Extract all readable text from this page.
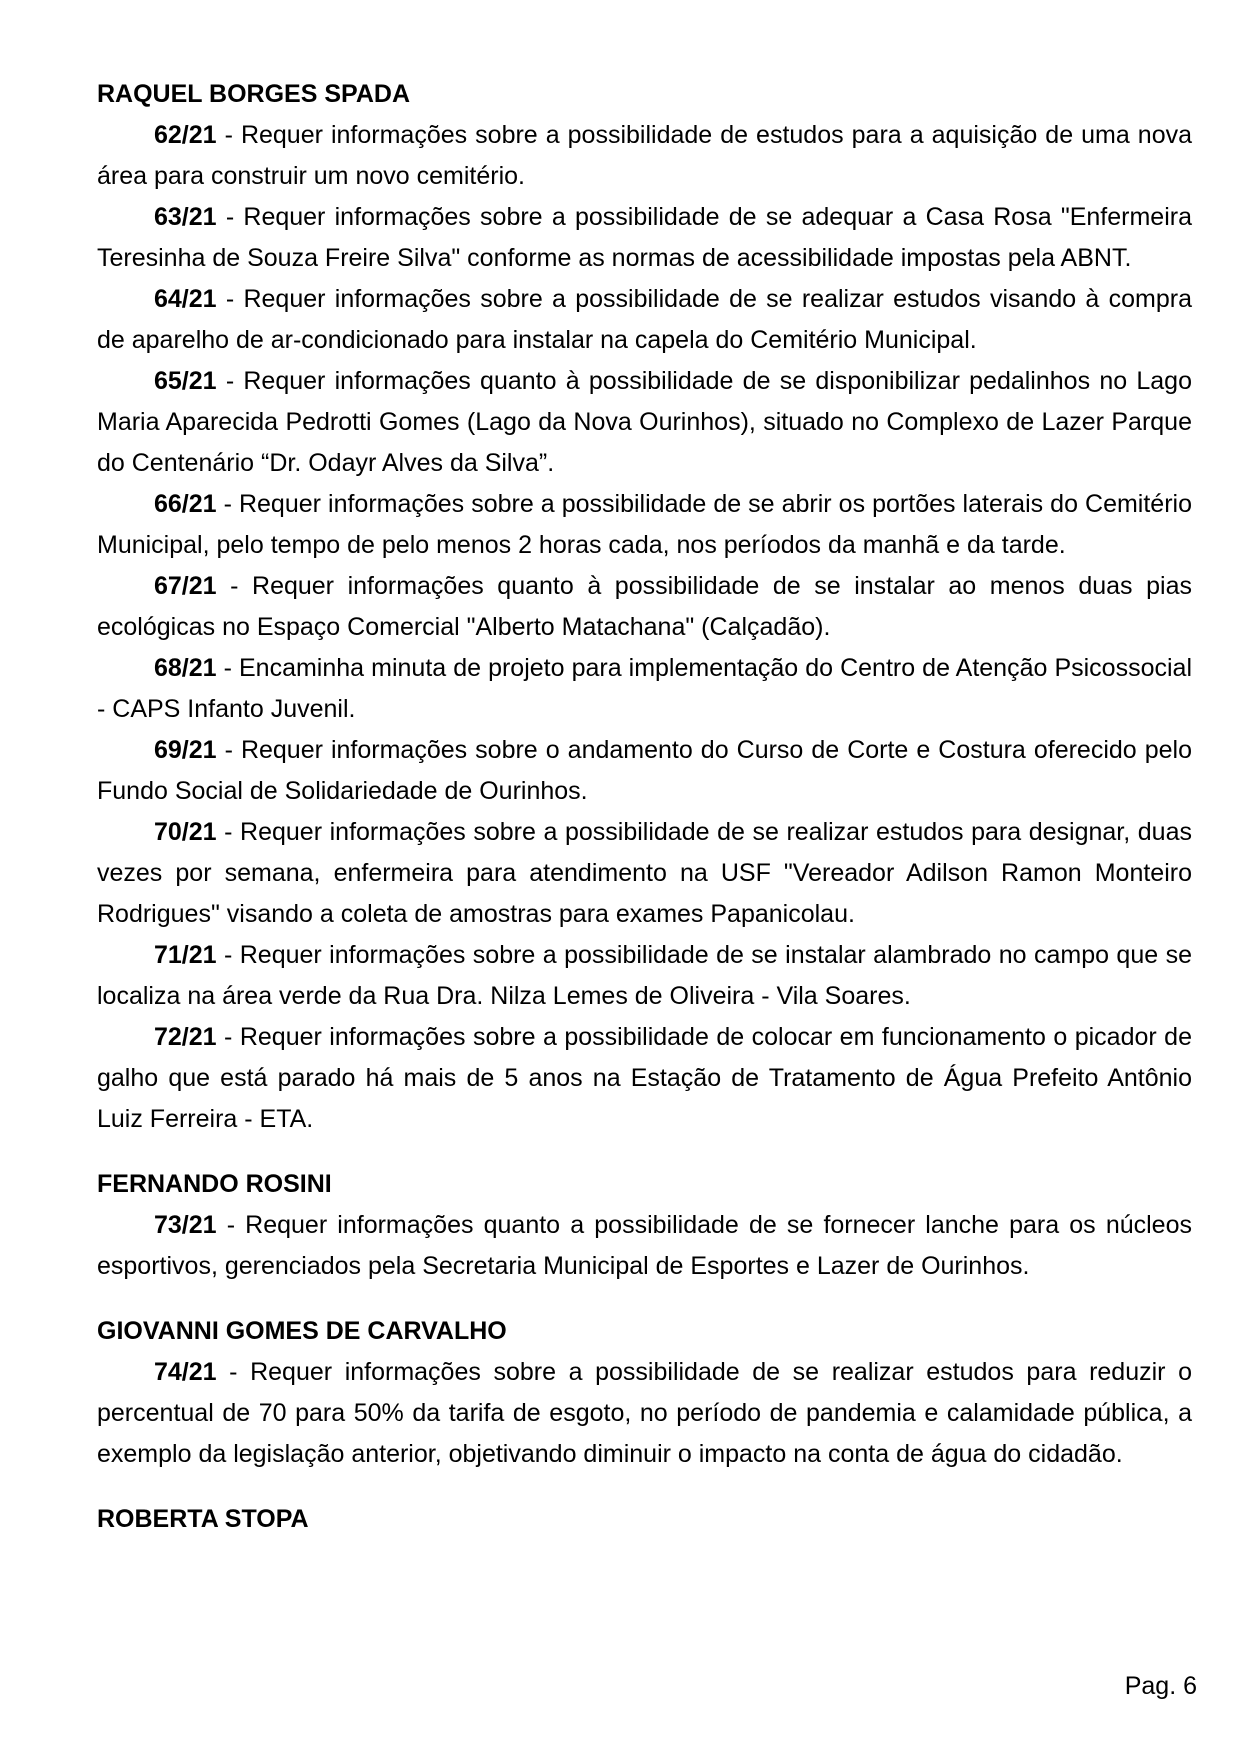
RAQUEL BORGES SPADA

62/21 - Requer informações sobre a possibilidade de estudos para a aquisição de uma nova área para construir um novo cemitério.

63/21 - Requer informações sobre a possibilidade de se adequar a Casa Rosa "Enfermeira Teresinha de Souza Freire Silva" conforme as normas de acessibilidade impostas pela ABNT.

64/21 - Requer informações sobre a possibilidade de se realizar estudos visando à compra de aparelho de ar-condicionado para instalar na capela do Cemitério Municipal.

65/21 - Requer informações quanto à possibilidade de se disponibilizar pedalinhos no Lago Maria Aparecida Pedrotti Gomes (Lago da Nova Ourinhos), situado no Complexo de Lazer Parque do Centenário “Dr. Odayr Alves da Silva”.

66/21 - Requer informações sobre a possibilidade de se abrir os portões laterais do Cemitério Municipal, pelo tempo de pelo menos 2 horas cada, nos períodos da manhã e da tarde.

67/21 - Requer informações quanto à possibilidade de se instalar ao menos duas pias ecológicas no Espaço Comercial "Alberto Matachana" (Calçadão).

68/21 - Encaminha minuta de projeto para implementação do Centro de Atenção Psicossocial - CAPS Infanto Juvenil.

69/21 - Requer informações sobre o andamento do Curso de Corte e Costura oferecido pelo Fundo Social de Solidariedade de Ourinhos.

70/21 - Requer informações sobre a possibilidade de se realizar estudos para designar, duas vezes por semana, enfermeira para atendimento na USF "Vereador Adilson Ramon Monteiro Rodrigues" visando a coleta de amostras para exames Papanicolau.

71/21 - Requer informações sobre a possibilidade de se instalar alambrado no campo que se localiza na área verde da Rua Dra. Nilza Lemes de Oliveira - Vila Soares.

72/21 - Requer informações sobre a possibilidade de colocar em funcionamento o picador de galho que está parado há mais de 5 anos na Estação de Tratamento de Água Prefeito Antônio Luiz Ferreira - ETA.

FERNANDO ROSINI

73/21 - Requer informações quanto a possibilidade de se fornecer lanche para os núcleos esportivos, gerenciados pela Secretaria Municipal de Esportes e Lazer de Ourinhos.

GIOVANNI GOMES DE CARVALHO

74/21 - Requer informações sobre a possibilidade de se realizar estudos para reduzir o percentual de 70 para 50% da tarifa de esgoto, no período de pandemia e calamidade pública, a exemplo da legislação anterior, objetivando diminuir o impacto na conta de água do cidadão.

ROBERTA STOPA
Pag. 6
